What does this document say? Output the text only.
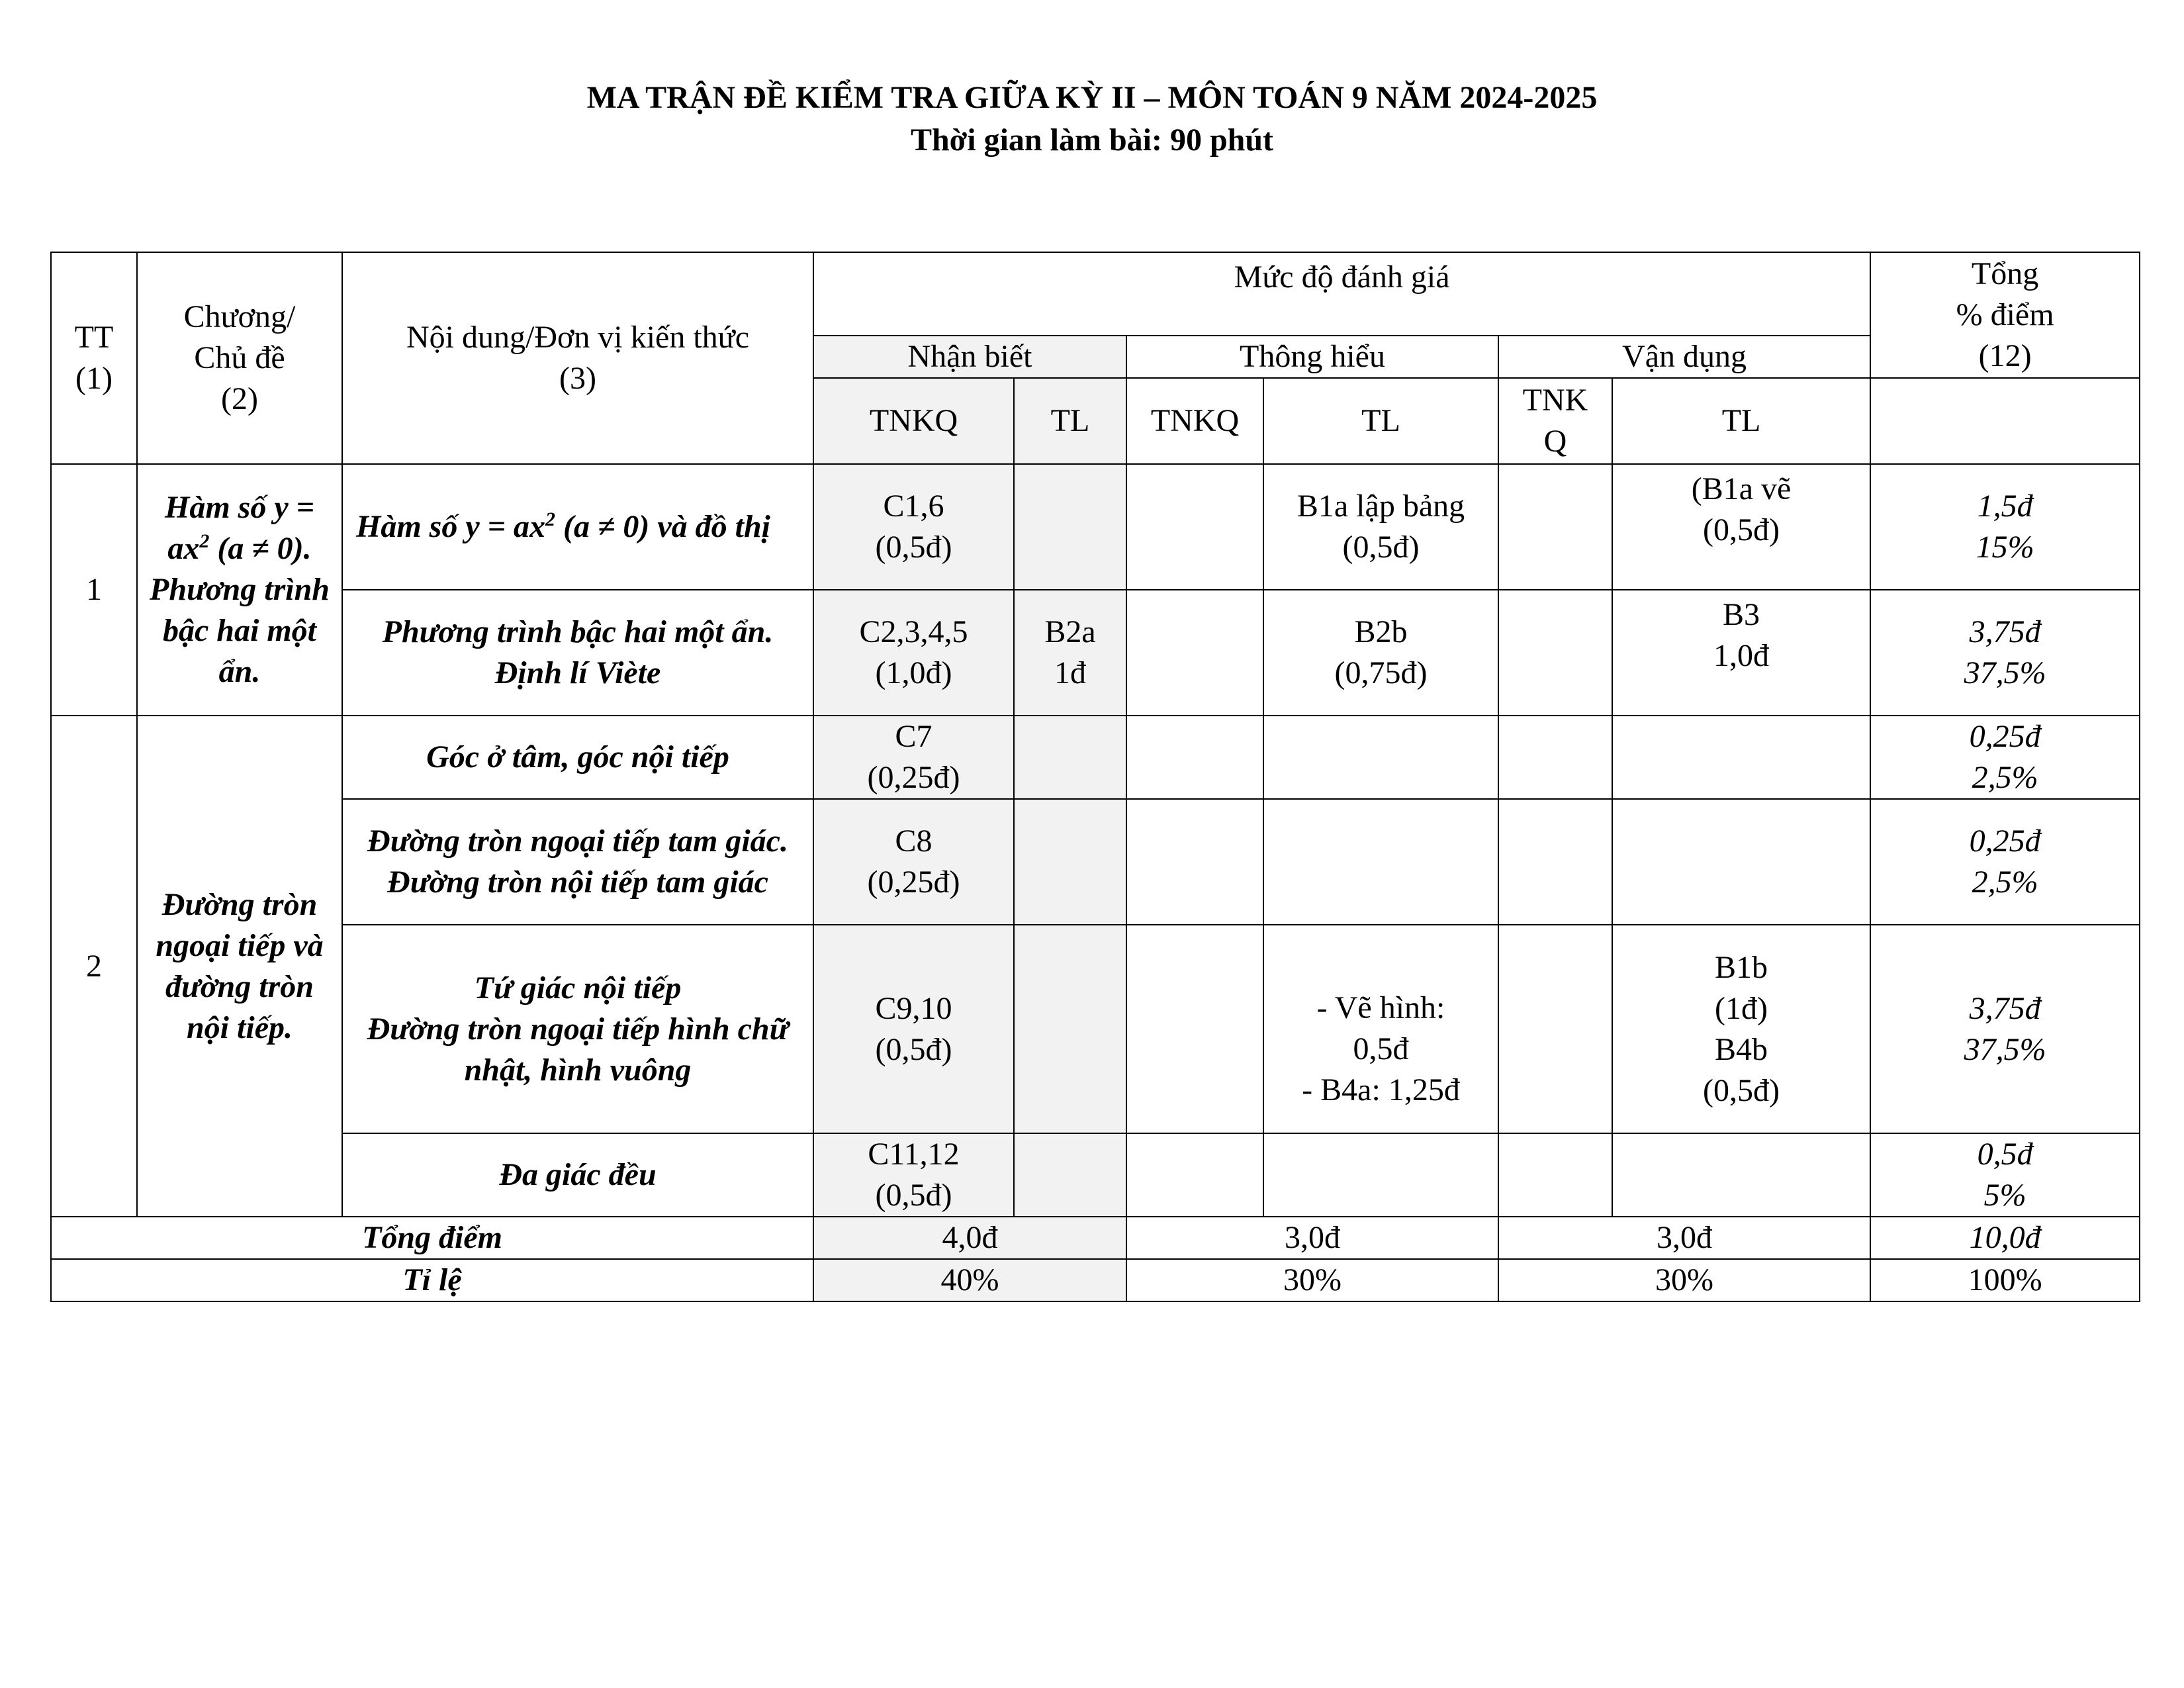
MA TRẬN ĐỀ KIỂM TRA GIỮA KỲ II – MÔN TOÁN 9 NĂM 2024-2025
Thời gian làm bài: 90 phút
TT
(1)	Chương/
Chủ đề
(2)	Nội dung/Đơn vị kiến thức
(3)	Mức độ đánh giá						Tổng
% điểm
(12)
			Nhận biết		Thông hiểu		Vận dụng		
			TNKQ	TL	TNKQ	TL	TNK
Q	TL	
1	Hàm số $y = ax^2$ (a ≠ 0). Phương trình bậc hai một ẩn.	Hàm số $y = ax^2$ (a ≠ 0) và đồ thị	C1,6
(0,5đ)			B1a lập bảng
(0,5đ)		(B1a vẽ
(0,5đ)	1,5đ
15%
		Phương trình bậc hai một ẩn. Định lí Viète	C2,3,4,5
(1,0đ)	B2a
1đ		B2b
(0,75đ)		B3
1,0đ	3,75đ
37,5%
2	Đường tròn ngoại tiếp và đường tròn nội tiếp.	Góc ở tâm, góc nội tiếp	C7
(0,25đ)						0,25đ
2,5%
		Đường tròn ngoại tiếp tam giác. Đường tròn nội tiếp tam giác	C8
(0,25đ)						0,25đ
2,5%
		Tứ giác nội tiếp
Đường tròn ngoại tiếp hình chữ nhật, hình vuông	C9,10
(0,5đ)			- Vẽ hình:
0,5đ
- B4a: 1,25đ		B1b
(1đ)
B4b
(0,5đ)	3,75đ
37,5%
		Đa giác đều	C11,12
(0,5đ)						0,5đ
5%
Tổng điểm			4,0đ		3,0đ		3,0đ		10,0đ
Tỉ lệ			40%		30%		30%		100%
